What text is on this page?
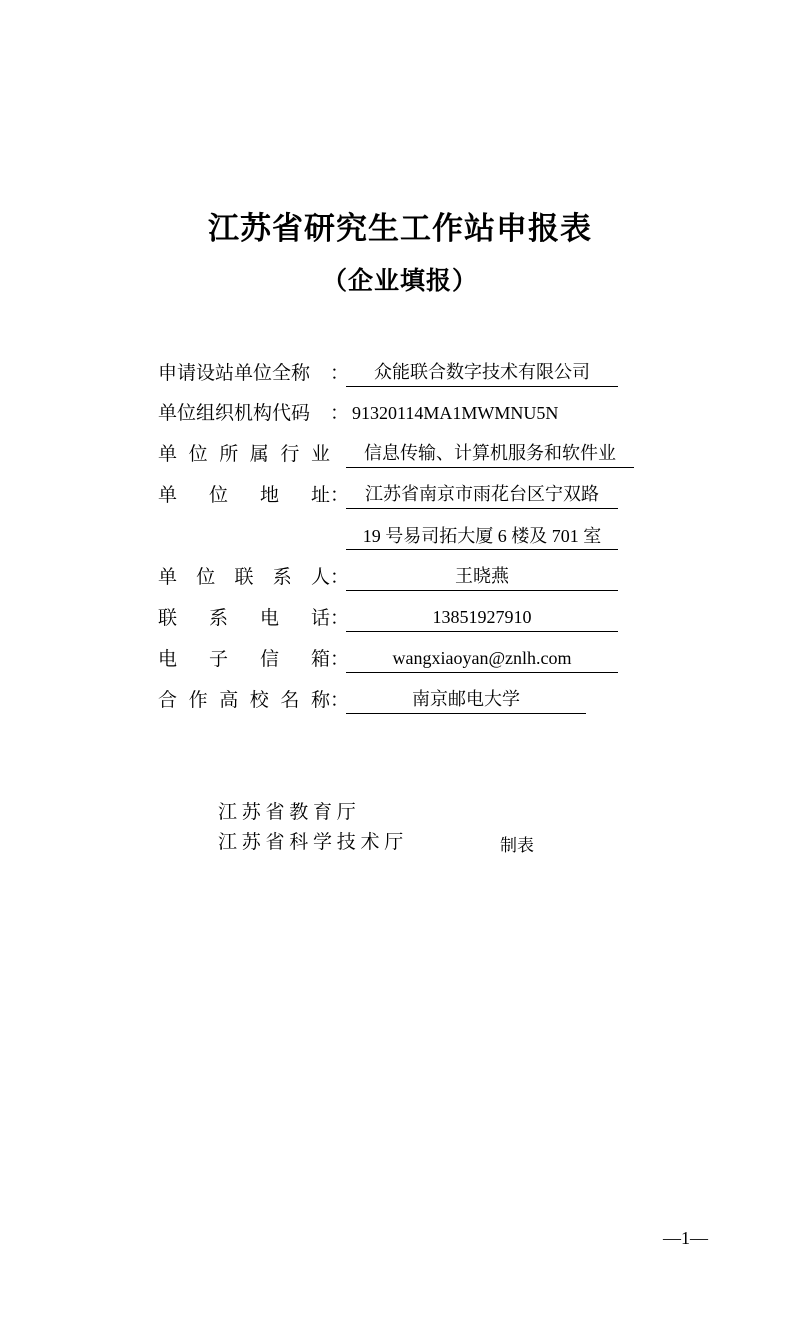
江苏省研究生工作站申报表
（企业填报）
申请设站单位全称	：	众能联合数字技术有限公司
单位组织机构代码	： 91320114MA1MWMNU5N
单 位 所 属 行 业	信息传输、计算机服务和软件业
单 位 地 址 ： 江苏省南京市雨花台区宁双路
19 号易司拓大厦 6 楼及 701 室
单 位 联 系 人 ：	王晓燕
联 系 电 话 ：	13851927910
电 子 信 箱 ：	wangxiaoyan@znlh.com
合 作 高 校 名 称 ：	南京邮电大学
江 苏 省 教 育 厅
江 苏 省 科 学 技 术 厅	制表
—1—
